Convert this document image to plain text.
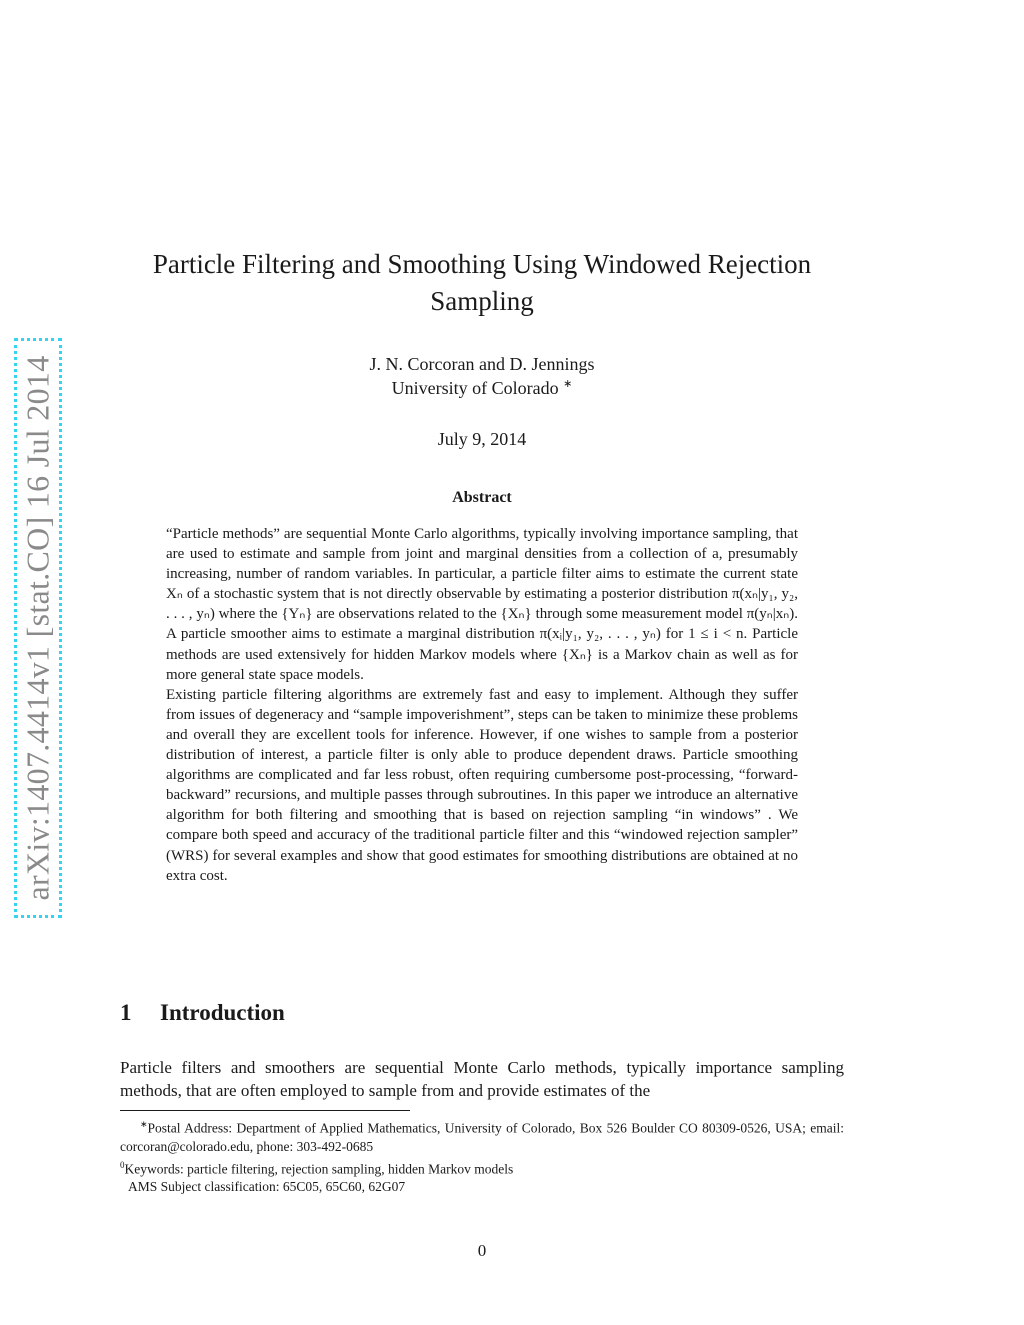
arXiv:1407.4414v1 [stat.CO] 16 Jul 2014
Particle Filtering and Smoothing Using Windowed Rejection Sampling
J. N. Corcoran and D. Jennings
University of Colorado ∗
July 9, 2014
Abstract

“Particle methods” are sequential Monte Carlo algorithms, typically involving importance sampling, that are used to estimate and sample from joint and marginal densities from a collection of a, presumably increasing, number of random variables. In particular, a particle filter aims to estimate the current state Xₙ of a stochastic system that is not directly observable by estimating a posterior distribution π(xₙ|y₁, y₂, . . . , yₙ) where the {Yₙ} are observations related to the {Xₙ} through some measurement model π(yₙ|xₙ). A particle smoother aims to estimate a marginal distribution π(xᵢ|y₁, y₂, . . . , yₙ) for 1 ≤ i < n. Particle methods are used extensively for hidden Markov models where {Xₙ} is a Markov chain as well as for more general state space models.

Existing particle filtering algorithms are extremely fast and easy to implement. Although they suffer from issues of degeneracy and “sample impoverishment”, steps can be taken to minimize these problems and overall they are excellent tools for inference. However, if one wishes to sample from a posterior distribution of interest, a particle filter is only able to produce dependent draws. Particle smoothing algorithms are complicated and far less robust, often requiring cumbersome post-processing, “forward-backward” recursions, and multiple passes through subroutines. In this paper we introduce an alternative algorithm for both filtering and smoothing that is based on rejection sampling “in windows” . We compare both speed and accuracy of the traditional particle filter and this “windowed rejection sampler” (WRS) for several examples and show that good estimates for smoothing distributions are obtained at no extra cost.

1 Introduction

Particle filters and smoothers are sequential Monte Carlo methods, typically importance sampling methods, that are often employed to sample from and provide estimates of the

∗Postal Address: Department of Applied Mathematics, University of Colorado, Box 526 Boulder CO 80309-0526, USA; email: corcoran@colorado.edu, phone: 303-492-0685

$^0$Keywords: particle filtering, rejection sampling, hidden Markov models

AMS Subject classification: 65C05, 65C60, 62G07

0
